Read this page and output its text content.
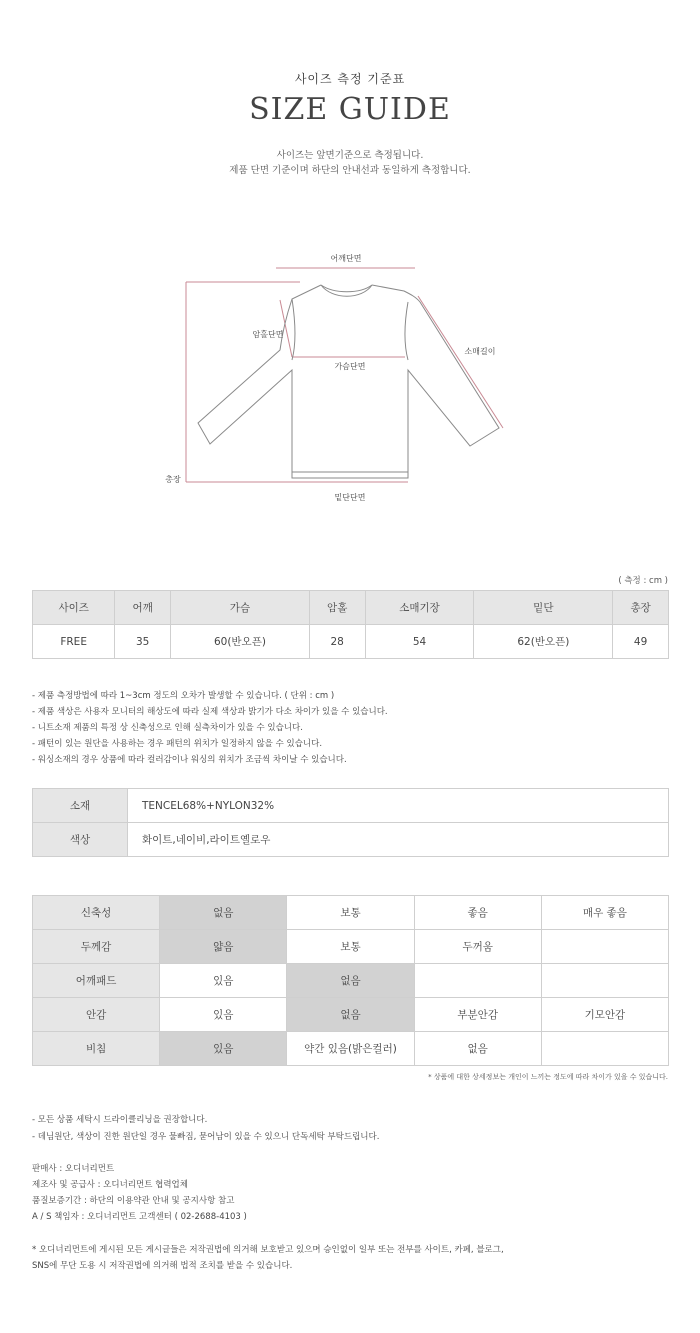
사이즈 측정 기준표
SIZE GUIDE
사이즈는 앞면기준으로 측정됩니다.
제품 단면 기준이며 하단의 안내선과 동일하게 측정합니다.
어깨단면
암홀단면
가슴단면
소매길이
총장
밑단단면
( 측정 : cm )
사이즈	어깨	가슴	암홀	소매기장	밑단	총장
FREE	35	60(반오픈)	28	54	62(반오픈)	49
- 제품 측정방법에 따라 1~3cm 정도의 오차가 발생할 수 있습니다. ( 단위 : cm )
- 제품 색상은 사용자 모니터의 해상도에 따라 실제 색상과 밝기가 다소 차이가 있을 수 있습니다.
- 니트소재 제품의 특정 상 신축성으로 인해 실측차이가 있을 수 있습니다.
- 패턴이 있는 원단을 사용하는 경우 패턴의 위치가 일정하지 않을 수 있습니다.
- 워싱소재의 경우 상품에 따라 컬러감이나 워싱의 위치가 조금씩 차이날 수 있습니다.
소재	TENCEL68%+NYLON32%
색상	화이트,네이비,라이트옐로우
신축성	없음	보통	좋음	매우 좋음
두께감	얇음	보통	두꺼움	
어깨패드	있음	없음		
안감	있음	없음	부분안감	기모안감
비침	있음	약간 있음(밝은컬러)	없음	
* 상품에 대한 상세정보는 개인이 느끼는 정도에 따라 차이가 있을 수 있습니다.
- 모든 상품 세탁시 드라이클리닝을 권장합니다.
- 데님원단, 색상이 진한 원단일 경우 물빠짐, 묻어남이 있을 수 있으니 단독세탁 부탁드립니다.
판매사 : 오디너리먼트
제조사 및 공급사 : 오디너리먼트 협력업체
품질보증기간 : 하단의 이용약관 안내 및 공지사항 참고
A / S 책임자 : 오디너리먼트 고객센터 ( 02-2688-4103 )
* 오디너리먼트에 게시된 모든 게시글들은 저작권법에 의거해 보호받고 있으며 승인없이 일부 또는 전부를 사이트, 카페, 블로그,
SNS에 무단 도용 시 저작권법에 의거해 법적 조치를 받을 수 있습니다.
